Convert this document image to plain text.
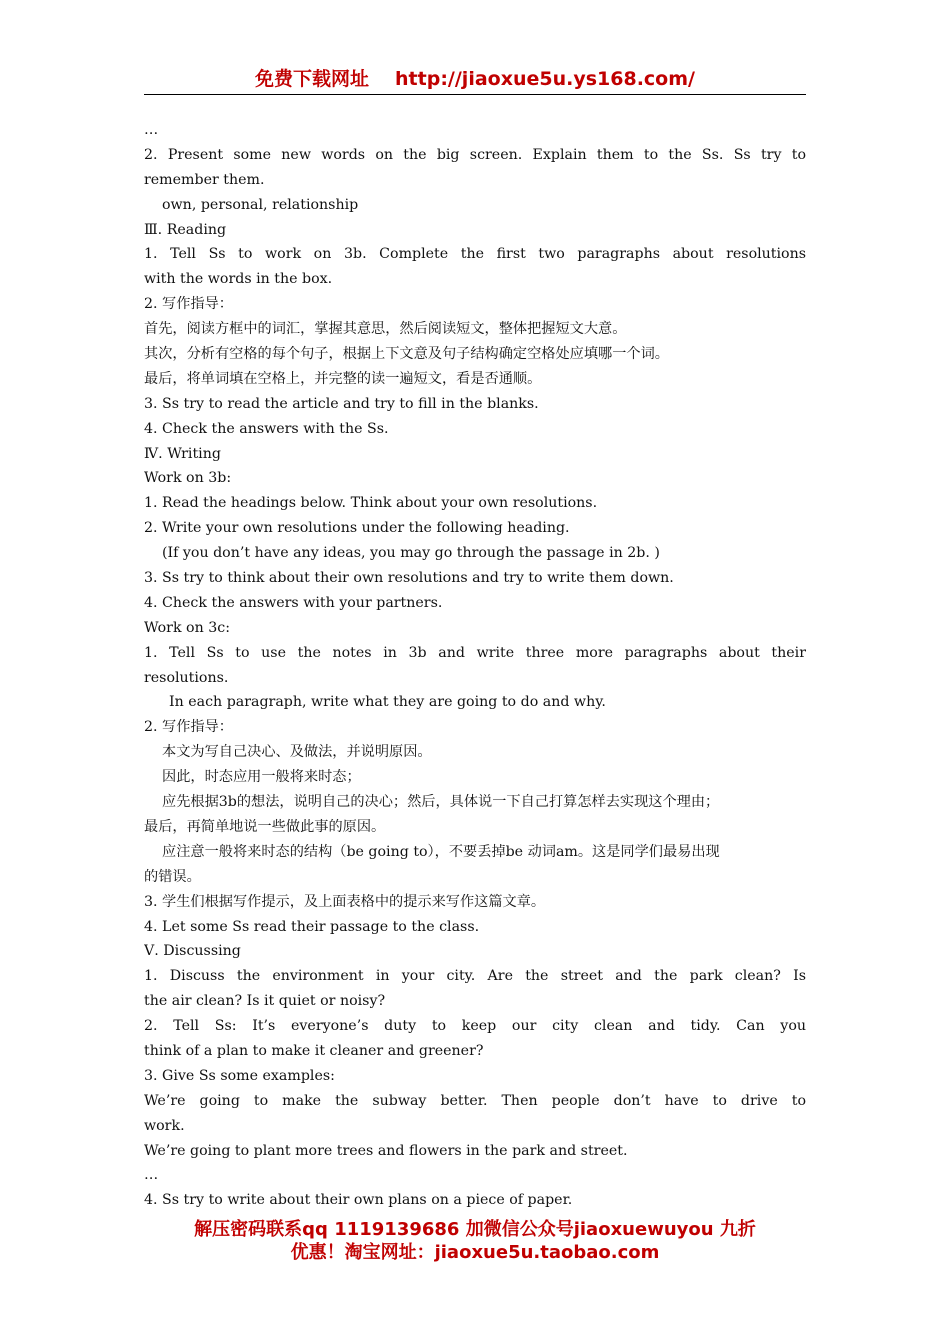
免费下载网址 http://jiaoxue5u.ys168.com/
…
2. Present some new words on the big screen. Explain them to the Ss. Ss try to
remember them.
own, personal, relationship
Ⅲ. Reading
1. Tell Ss to work on 3b. Complete the first two paragraphs about resolutions
with the words in the box.
2. 写作指导：
首先，阅读方框中的词汇，掌握其意思，然后阅读短文，整体把握短文大意。
其次，分析有空格的每个句子，根据上下文意及句子结构确定空格处应填哪一个词。
最后，将单词填在空格上，并完整的读一遍短文，看是否通顺。
3. Ss try to read the article and try to fill in the blanks.
4. Check the answers with the Ss.
Ⅳ. Writing
Work on 3b:
1. Read the headings below. Think about your own resolutions.
2. Write your own resolutions under the following heading.
(If you don’t have any ideas, you may go through the passage in 2b. )
3. Ss try to think about their own resolutions and try to write them down.
4. Check the answers with your partners.
Work on 3c:
1. Tell Ss to use the notes in 3b and write three more paragraphs about their
resolutions.
In each paragraph, write what they are going to do and why.
2. 写作指导：
本文为写自己决心、及做法，并说明原因。
因此，时态应用一般将来时态；
应先根据3b的想法，说明自己的决心；然后，具体说一下自己打算怎样去实现这个理由；
最后，再简单地说一些做此事的原因。
应注意一般将来时态的结构（be going to），不要丢掉be 动词am。这是同学们最易出现
的错误。
3. 学生们根据写作提示，及上面表格中的提示来写作这篇文章。
4. Let some Ss read their passage to the class.
Ⅴ. Discussing
1. Discuss the environment in your city. Are the street and the park clean? Is
the air clean? Is it quiet or noisy?
2. Tell Ss: It’s everyone’s duty to keep our city clean and tidy. Can you
think of a plan to make it cleaner and greener?
3. Give Ss some examples:
We’re going to make the subway better. Then people don’t have to drive to
work.
We’re going to plant more trees and flowers in the park and street.
…
4. Ss try to write about their own plans on a piece of paper.
解压密码联系qq 1119139686 加微信公众号jiaoxuewuyou 九折
优惠！淘宝网址：jiaoxue5u.taobao.com
